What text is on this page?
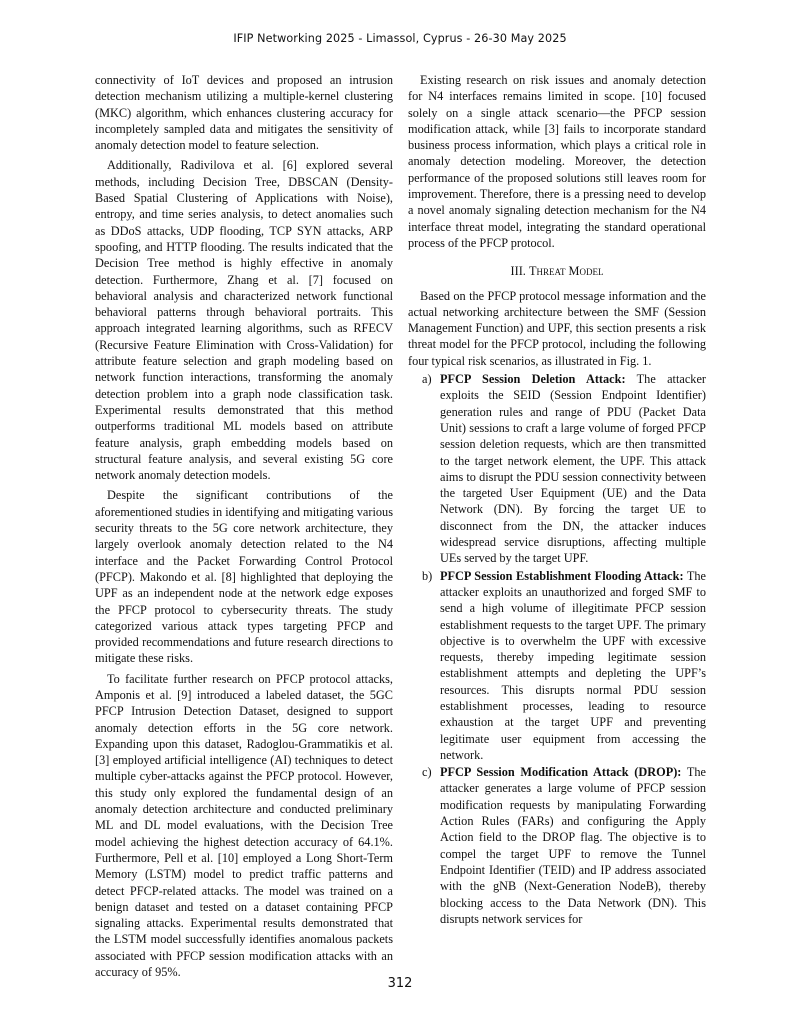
IFIP Networking 2025 - Limassol, Cyprus - 26-30 May 2025

connectivity of IoT devices and proposed an intrusion detection mechanism utilizing a multiple-kernel clustering (MKC) algorithm, which enhances clustering accuracy for incompletely sampled data and mitigates the sensitivity of anomaly detection model to feature selection.

Additionally, Radivilova et al. [6] explored several methods, including Decision Tree, DBSCAN (Density-Based Spatial Clustering of Applications with Noise), entropy, and time series analysis, to detect anomalies such as DDoS attacks, UDP flooding, TCP SYN attacks, ARP spoofing, and HTTP flooding. The results indicated that the Decision Tree method is highly effective in anomaly detection. Furthermore, Zhang et al. [7] focused on behavioral analysis and characterized network functional behavioral patterns through behavioral portraits. This approach integrated learning algorithms, such as RFECV (Recursive Feature Elimination with Cross-Validation) for attribute feature selection and graph modeling based on network function interactions, transforming the anomaly detection problem into a graph node classification task. Experimental results demonstrated that this method outperforms traditional ML models based on attribute feature analysis, graph embedding models based on structural feature analysis, and several existing 5G core network anomaly detection models.

Despite the significant contributions of the aforementioned studies in identifying and mitigating various security threats to the 5G core network architecture, they largely overlook anomaly detection related to the N4 interface and the Packet Forwarding Control Protocol (PFCP). Makondo et al. [8] highlighted that deploying the UPF as an independent node at the network edge exposes the PFCP protocol to cybersecurity threats. The study categorized various attack types targeting PFCP and provided recommendations and future research directions to mitigate these risks.

To facilitate further research on PFCP protocol attacks, Amponis et al. [9] introduced a labeled dataset, the 5GC PFCP Intrusion Detection Dataset, designed to support anomaly detection efforts in the 5G core network. Expanding upon this dataset, Radoglou-Grammatikis et al. [3] employed artificial intelligence (AI) techniques to detect multiple cyber-attacks against the PFCP protocol. However, this study only explored the fundamental design of an anomaly detection architecture and conducted preliminary ML and DL model evaluations, with the Decision Tree model achieving the highest detection accuracy of 64.1%. Furthermore, Pell et al. [10] employed a Long Short-Term Memory (LSTM) model to predict traffic patterns and detect PFCP-related attacks. The model was trained on a benign dataset and tested on a dataset containing PFCP signaling attacks. Experimental results demonstrated that the LSTM model successfully identifies anomalous packets associated with PFCP session modification attacks with an accuracy of 95%.

Existing research on risk issues and anomaly detection for N4 interfaces remains limited in scope. [10] focused solely on a single attack scenario—the PFCP session modification attack, while [3] fails to incorporate standard business process information, which plays a critical role in anomaly detection modeling. Moreover, the detection performance of the proposed solutions still leaves room for improvement. Therefore, there is a pressing need to develop a novel anomaly signaling detection mechanism for the N4 interface threat model, integrating the standard operational process of the PFCP protocol.

III. Threat Model

Based on the PFCP protocol message information and the actual networking architecture between the SMF (Session Management Function) and UPF, this section presents a risk threat model for the PFCP protocol, including the following four typical risk scenarios, as illustrated in Fig. 1.

a) PFCP Session Deletion Attack: The attacker exploits the SEID (Session Endpoint Identifier) generation rules and range of PDU (Packet Data Unit) sessions to craft a large volume of forged PFCP session deletion requests, which are then transmitted to the target network element, the UPF. This attack aims to disrupt the PDU session connectivity between the targeted User Equipment (UE) and the Data Network (DN). By forcing the target UE to disconnect from the DN, the attacker induces widespread service disruptions, affecting multiple UEs served by the target UPF.
b) PFCP Session Establishment Flooding Attack: The attacker exploits an unauthorized and forged SMF to send a high volume of illegitimate PFCP session establishment requests to the target UPF. The primary objective is to overwhelm the UPF with excessive requests, thereby impeding legitimate session establishment attempts and depleting the UPF’s resources. This disrupts normal PDU session establishment processes, leading to resource exhaustion at the target UPF and preventing legitimate user equipment from accessing the network.
c) PFCP Session Modification Attack (DROP): The attacker generates a large volume of PFCP session modification requests by manipulating Forwarding Action Rules (FARs) and configuring the Apply Action field to the DROP flag. The objective is to compel the target UPF to remove the Tunnel Endpoint Identifier (TEID) and IP address associated with the gNB (Next-Generation NodeB), thereby blocking access to the Data Network (DN). This disrupts network services for
312
